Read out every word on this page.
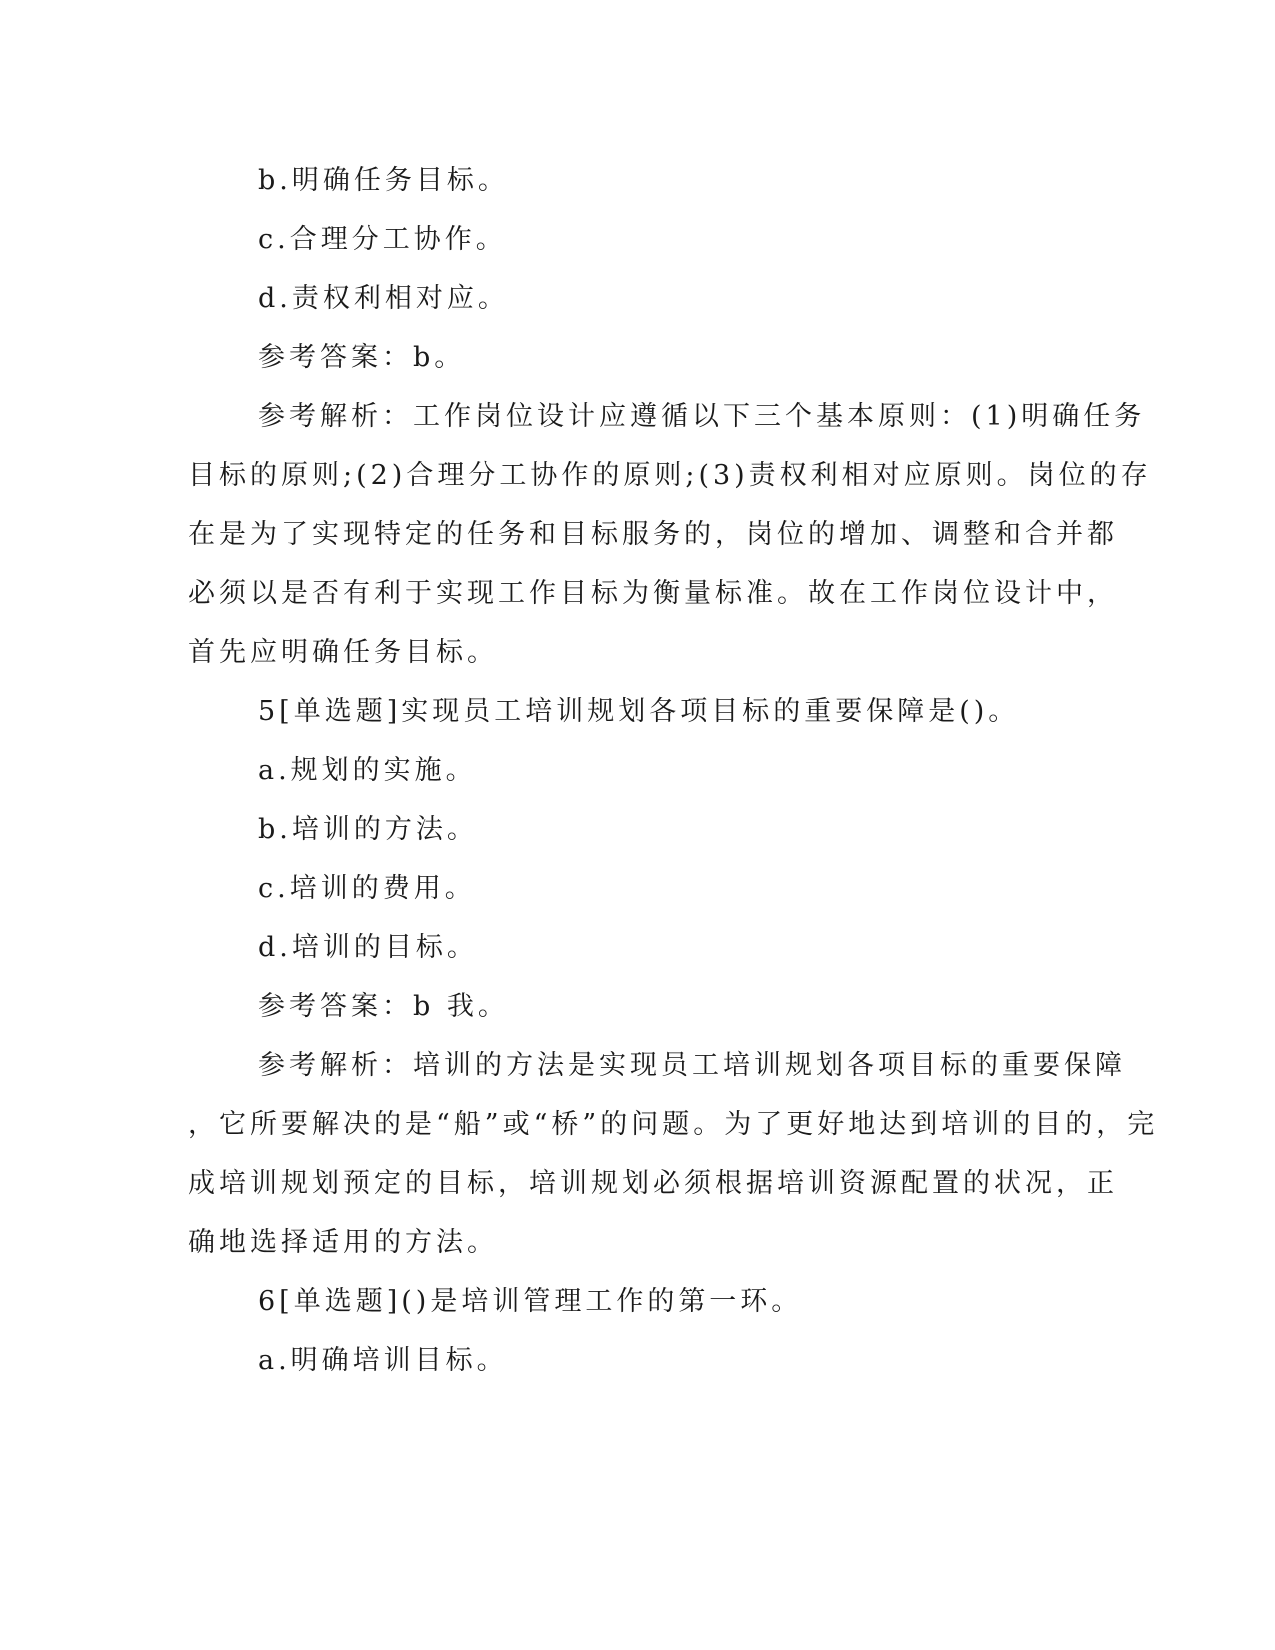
b.明确任务目标。
c.合理分工协作。
d.责权利相对应。
参考答案：b。
参考解析：工作岗位设计应遵循以下三个基本原则：(1)明确任务
目标的原则;(2)合理分工协作的原则;(3)责权利相对应原则。岗位的存
在是为了实现特定的任务和目标服务的，岗位的增加、调整和合并都
必须以是否有利于实现工作目标为衡量标准。故在工作岗位设计中，
首先应明确任务目标。
5[单选题]实现员工培训规划各项目标的重要保障是()。
a.规划的实施。
b.培训的方法。
c.培训的费用。
d.培训的目标。
参考答案：b 我。
参考解析：培训的方法是实现员工培训规划各项目标的重要保障
，它所要解决的是“船”或“桥”的问题。为了更好地达到培训的目的，完
成培训规划预定的目标，培训规划必须根据培训资源配置的状况，正
确地选择适用的方法。
6[单选题]()是培训管理工作的第一环。
a.明确培训目标。
